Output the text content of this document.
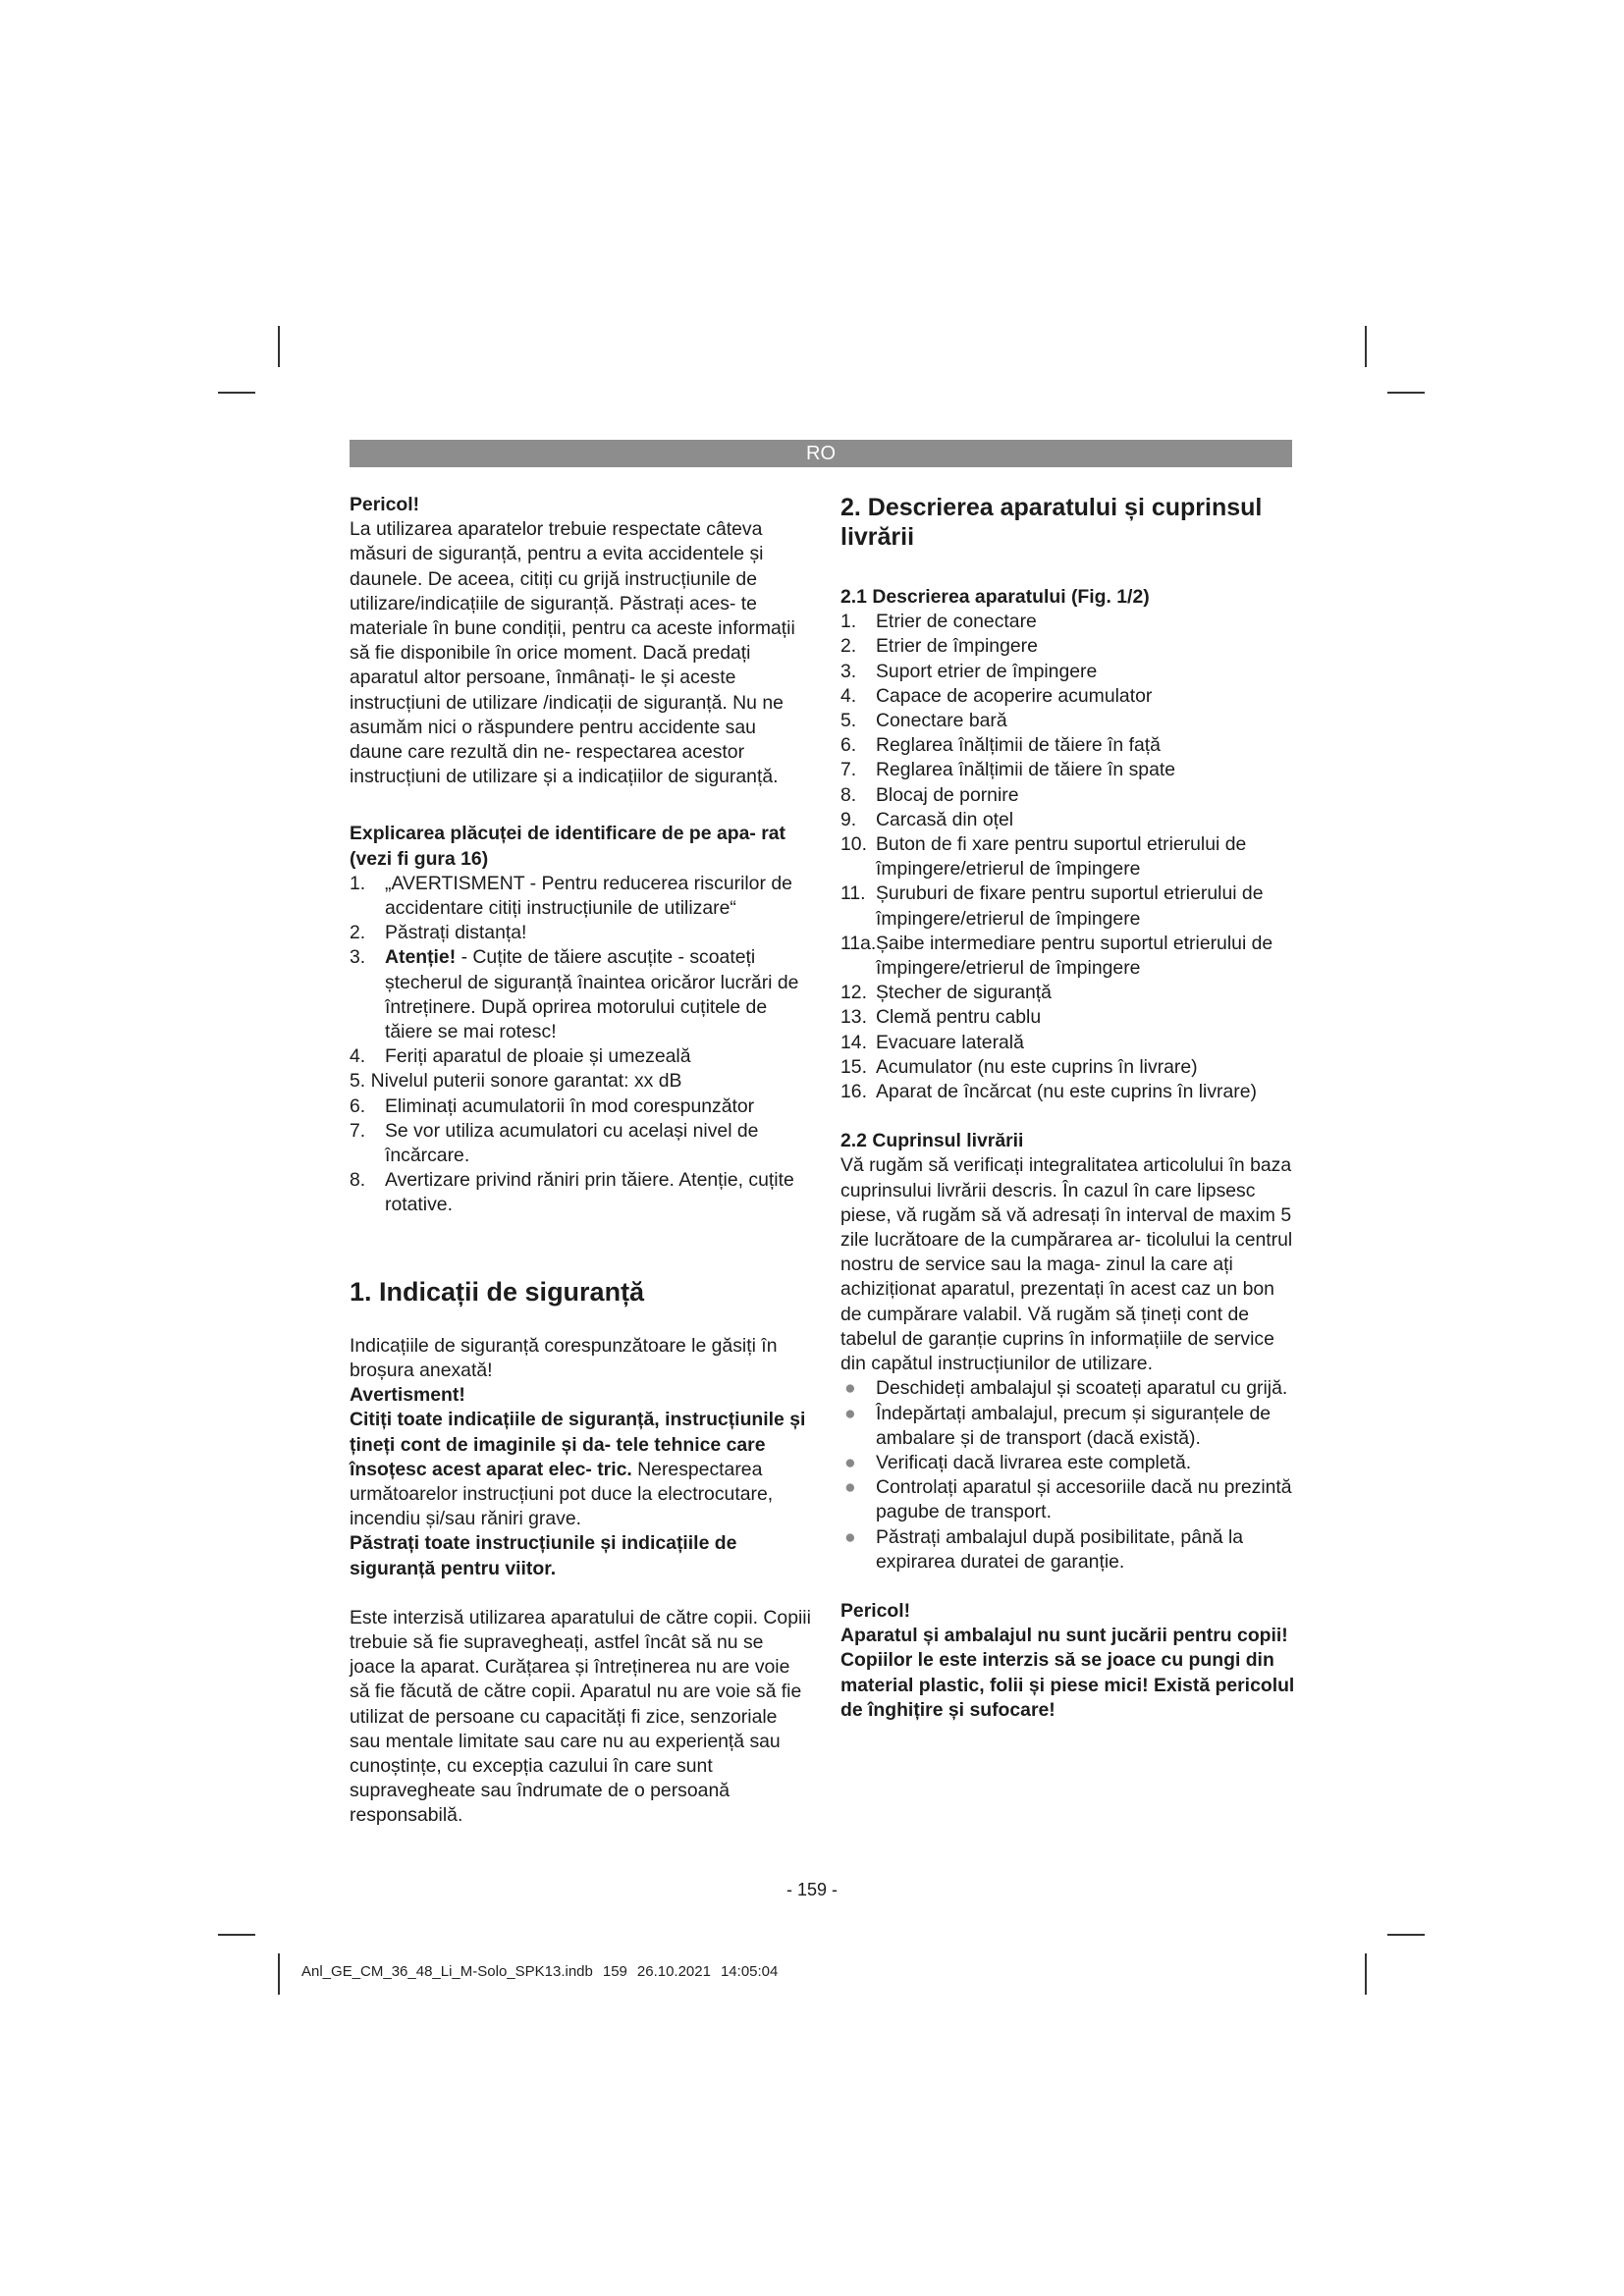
RO

Pericol!

La utilizarea aparatelor trebuie respectate câteva măsuri de siguranță, pentru a evita accidentele și daunele. De aceea, citiți cu grijă instrucțiunile de utilizare/indicațiile de siguranță. Păstrați aces- te materiale în bune condiții, pentru ca aceste informații să fie disponibile în orice moment. Dacă predați aparatul altor persoane, înmânați- le și aceste instrucțiuni de utilizare /indicații de siguranță. Nu ne asumăm nici o răspundere pentru accidente sau daune care rezultă din ne- respectarea acestor instrucțiuni de utilizare și a indicațiilor de siguranță.

Explicarea plăcuței de identificare de pe apa- rat (vezi fi gura 16)

1. „AVERTISMENT - Pentru reducerea riscurilor de accidentare citiți instrucțiunile de utilizare“
2. Păstrați distanța!
3. Atenție! - Cuțite de tăiere ascuțite - scoateți ștecherul de siguranță înaintea oricăror lucrări de întreținere. După oprirea motorului cuțitele de tăiere se mai rotesc!
4. Feriți aparatul de ploaie și umezeală
5. Nivelul puterii sonore garantat: xx dB
6. Eliminați acumulatorii în mod corespunzător
7. Se vor utiliza acumulatori cu același nivel de încărcare.
8. Avertizare privind răniri prin tăiere. Atenție, cuțite rotative.

1. Indicații de siguranță

Indicațiile de siguranță corespunzătoare le găsiți în broșura anexată!

Avertisment!

Citiți toate indicațiile de siguranță, instrucțiunile și țineți cont de imaginile și da- tele tehnice care însoțesc acest aparat elec- tric. Nerespectarea următoarelor instrucțiuni pot duce la electrocutare, incendiu și/sau răniri grave.

Păstrați toate instrucțiunile și indicațiile de siguranță pentru viitor.

Este interzisă utilizarea aparatului de către copii. Copiii trebuie să fie supravegheați, astfel încât să nu se joace la aparat. Curățarea și întreținerea nu are voie să fie făcută de către copii. Aparatul nu are voie să fie utilizat de persoane cu capacități fi zice, senzoriale sau mentale limitate sau care nu au experiență sau cunoștințe, cu excepția cazului în care sunt supravegheate sau îndrumate de o persoană responsabilă.

2. Descrierea aparatului și cuprinsul livrării

2.1 Descrierea aparatului (Fig. 1/2)

1. Etrier de conectare
2. Etrier de împingere
3. Suport etrier de împingere
4. Capace de acoperire acumulator
5. Conectare bară
6. Reglarea înălțimii de tăiere în față
7. Reglarea înălțimii de tăiere în spate
8. Blocaj de pornire
9. Carcasă din oțel
10. Buton de fi xare pentru suportul etrierului de împingere/etrierul de împingere
11. Șuruburi de fixare pentru suportul etrierului de împingere/etrierul de împingere
11a. Șaibe intermediare pentru suportul etrierului de împingere/etrierul de împingere
12. Ștecher de siguranță
13. Clemă pentru cablu
14. Evacuare laterală
15. Acumulator (nu este cuprins în livrare)
16. Aparat de încărcat (nu este cuprins în livrare)

2.2 Cuprinsul livrării

Vă rugăm să verificați integralitatea articolului în baza cuprinsului livrării descris. În cazul în care lipsesc piese, vă rugăm să vă adresați în interval de maxim 5 zile lucrătoare de la cumpărarea ar- ticolului la centrul nostru de service sau la maga- zinul la care ați achiziționat aparatul, prezentați în acest caz un bon de cumpărare valabil. Vă rugăm să țineți cont de tabelul de garanție cuprins în informațiile de service din capătul instrucțiunilor de utilizare.

● Deschideți ambalajul și scoateți aparatul cu grijă.
● Îndepărtați ambalajul, precum și siguranțele de ambalare și de transport (dacă există).
● Verificați dacă livrarea este completă.
● Controlați aparatul și accesoriile dacă nu prezintă pagube de transport.
● Păstrați ambalajul după posibilitate, până la expirarea duratei de garanție.

Pericol!

Aparatul și ambalajul nu sunt jucării pentru copii! Copiilor le este interzis să se joace cu pungi din material plastic, folii și piese mici! Există pericolul de înghițire și sufocare!

- 159 -
Anl_GE_CM_36_48_Li_M-Solo_SPK13.indb 159 26.10.2021 14:05:04
